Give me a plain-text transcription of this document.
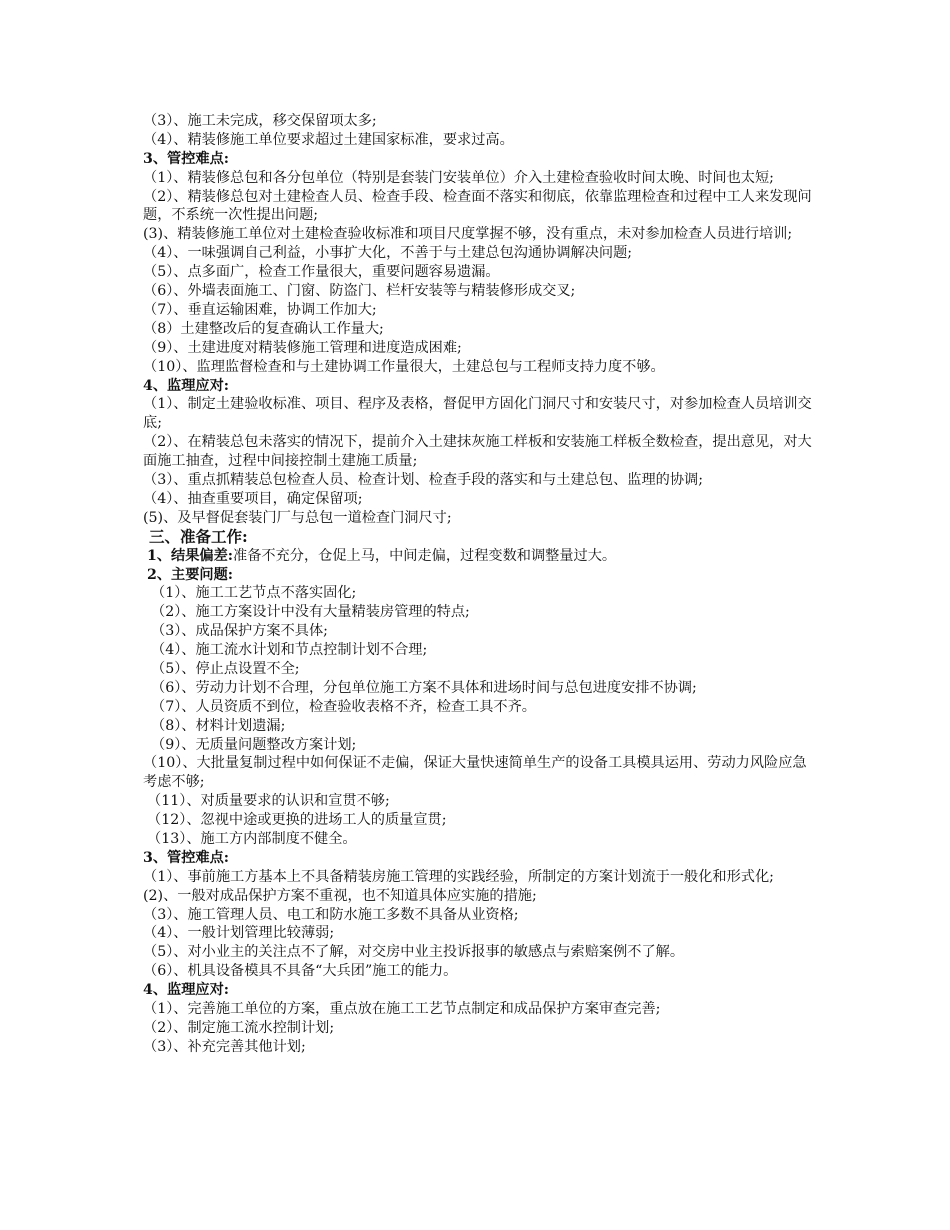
（3）、施工未完成，移交保留项太多;
（4）、精装修施工单位要求超过土建国家标准，要求过高。
3、管控难点:
（1）、精装修总包和各分包单位（特别是套装门安装单位）介入土建检查验收时间太晚、时间也太短;
（2）、精装修总包对土建检查人员、检查手段、检查面不落实和彻底，依靠监理检查和过程中工人来发现问题，不系统一次性提出问题;
(3)、精装修施工单位对土建检查验收标准和项目尺度掌握不够，没有重点，未对参加检查人员进行培训;
（4）、一味强调自己利益，小事扩大化，不善于与土建总包沟通协调解决问题;
（5）、点多面广，检查工作量很大，重要问题容易遗漏。
（6）、外墙表面施工、门窗、防盗门、栏杆安装等与精装修形成交叉;
（7）、垂直运输困难，协调工作加大;
（8）土建整改后的复查确认工作量大;
（9）、土建进度对精装修施工管理和进度造成困难;
（10）、监理监督检查和与土建协调工作量很大，土建总包与工程师支持力度不够。
4、监理应对:
（1）、制定土建验收标准、项目、程序及表格，督促甲方固化门洞尺寸和安装尺寸，对参加检查人员培训交底;
（2）、在精装总包未落实的情况下，提前介入土建抹灰施工样板和安装施工样板全数检查，提出意见，对大面施工抽查，过程中间接控制土建施工质量;
（3）、重点抓精装总包检查人员、检查计划、检查手段的落实和与土建总包、监理的协调;
（4）、抽查重要项目，确定保留项;
(5)、及早督促套装门厂与总包一道检查门洞尺寸;
三、准备工作:
1、结果偏差:准备不充分，仓促上马，中间走偏，过程变数和调整量过大。
2、主要问题:
（1）、施工工艺节点不落实固化;
（2）、施工方案设计中没有大量精装房管理的特点;
（3）、成品保护方案不具体;
（4）、施工流水计划和节点控制计划不合理;
（5）、停止点设置不全;
（6）、劳动力计划不合理，分包单位施工方案不具体和进场时间与总包进度安排不协调;
（7）、人员资质不到位，检查验收表格不齐，检查工具不齐。
（8）、材料计划遗漏;
（9）、无质量问题整改方案计划;
（10）、大批量复制过程中如何保证不走偏，保证大量快速简单生产的设备工具模具运用、劳动力风险应急考虑不够;
（11）、对质量要求的认识和宣贯不够;
（12）、忽视中途或更换的进场工人的质量宣贯;
（13）、施工方内部制度不健全。
3、管控难点:
（1）、事前施工方基本上不具备精装房施工管理的实践经验，所制定的方案计划流于一般化和形式化;
(2)、一般对成品保护方案不重视，也不知道具体应实施的措施;
（3）、施工管理人员、电工和防水施工多数不具备从业资格;
（4）、一般计划管理比较薄弱;
（5）、对小业主的关注点不了解，对交房中业主投诉报事的敏感点与索赔案例不了解。
（6）、机具设备模具不具备“大兵团”施工的能力。
4、监理应对:
（1）、完善施工单位的方案，重点放在施工工艺节点制定和成品保护方案审查完善;
（2）、制定施工流水控制计划;
（3）、补充完善其他计划;
